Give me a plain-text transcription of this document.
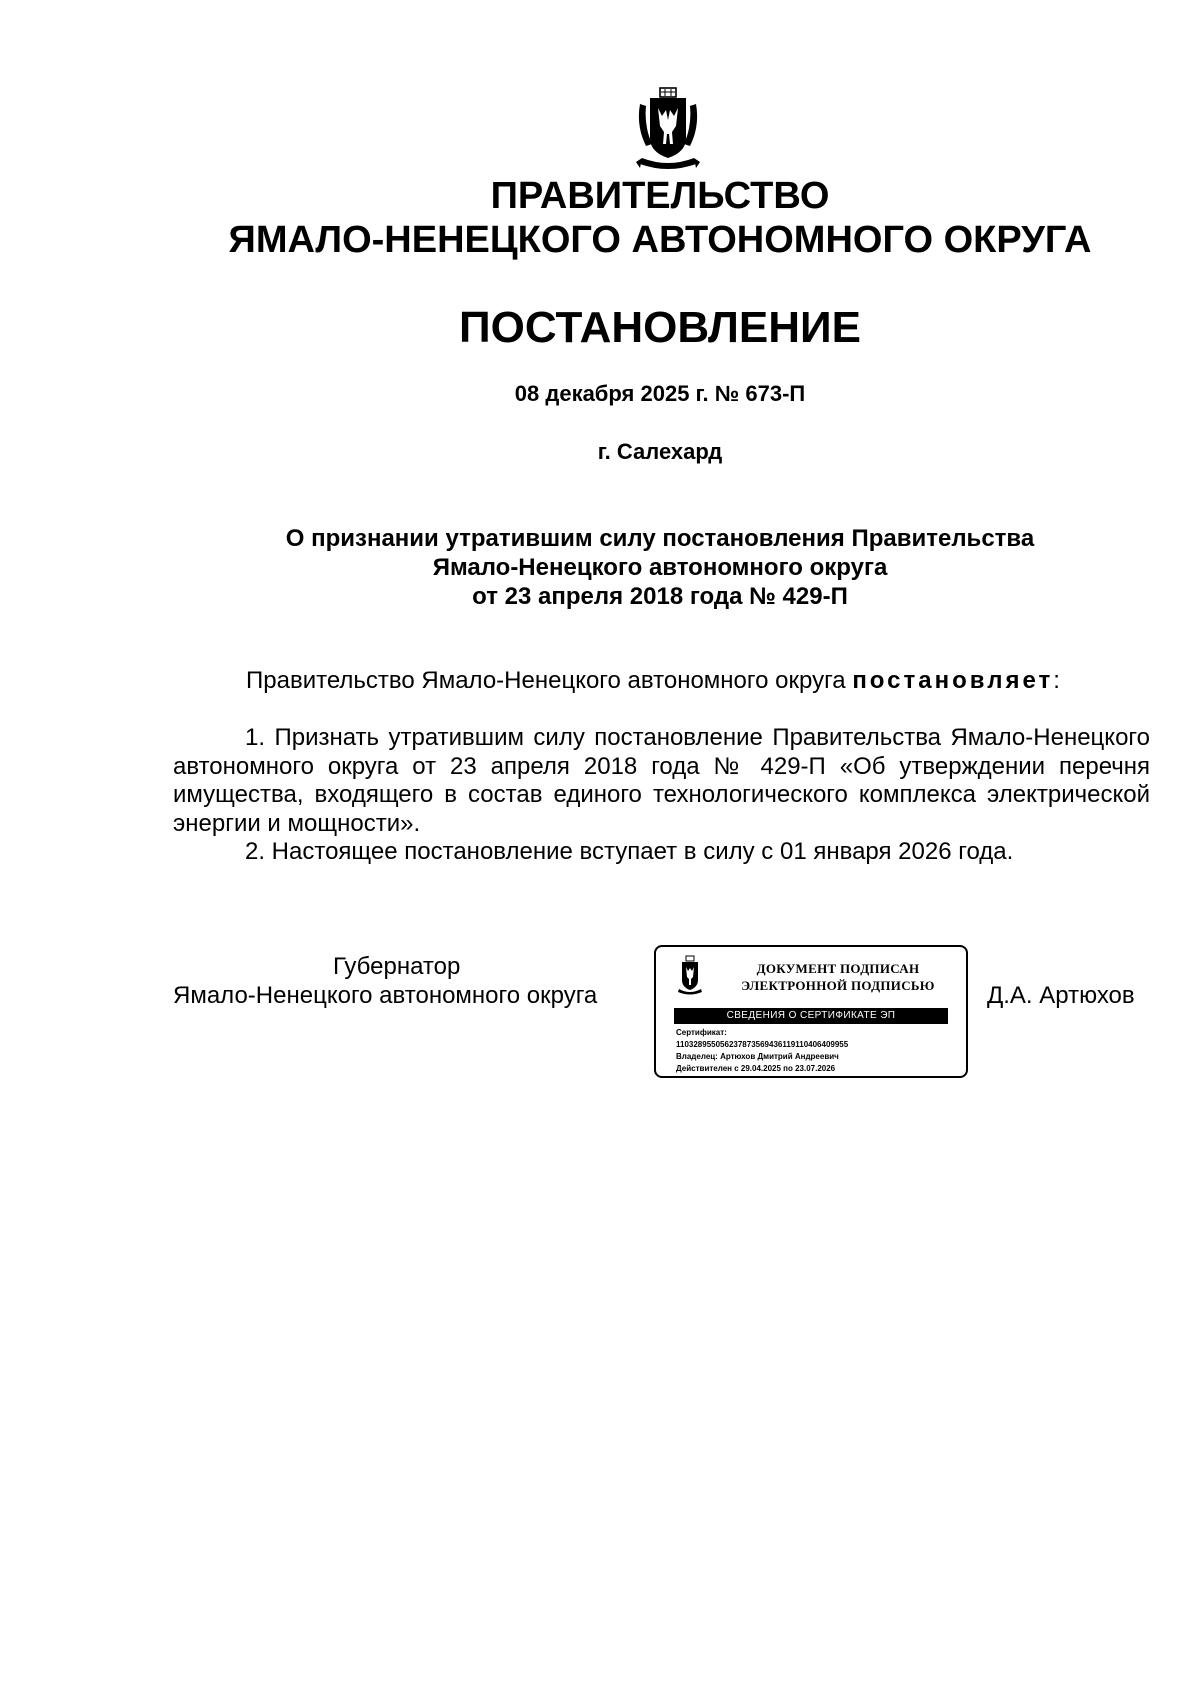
ПРАВИТЕЛЬСТВО
ЯМАЛО-НЕНЕЦКОГО АВТОНОМНОГО ОКРУГА
ПОСТАНОВЛЕНИЕ
08 декабря 2025 г. № 673-П
г. Салехард
О признании утратившим силу постановления Правительства
Ямало-Ненецкого автономного округа
от 23 апреля 2018 года № 429-П
Правительство Ямало-Ненецкого автономного округа постановляет:
1. Признать утратившим силу постановление Правительства Ямало-Ненецкого автономного округа от 23 апреля 2018 года № 429-П «Об утверждении перечня имущества, входящего в состав единого технологического комплекса электрической энергии и мощности».
2. Настоящее постановление вступает в силу с 01 января 2026 года.
Губернатор
Ямало-Ненецкого автономного округа	Д.А. Артюхов
ДОКУМЕНТ ПОДПИСАН
ЭЛЕКТРОННОЙ ПОДПИСЬЮ
СВЕДЕНИЯ О СЕРТИФИКАТЕ ЭП
Сертификат:
110328955056237873569436119110406409955
Владелец: Артюхов Дмитрий Андреевич
Действителен с 29.04.2025 по 23.07.2026
